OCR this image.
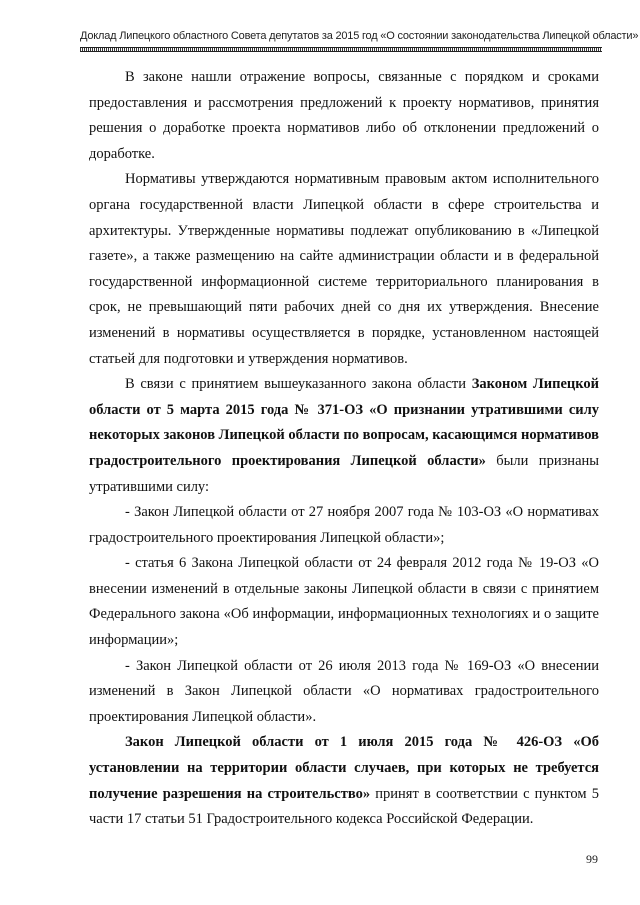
Доклад Липецкого областного Совета депутатов за 2015 год «О состоянии законодательства Липецкой области»

В законе нашли отражение вопросы, связанные с порядком и сроками предоставления и рассмотрения предложений к проекту нормативов, принятия решения о доработке проекта нормативов либо об отклонении предложений о доработке.

Нормативы утверждаются нормативным правовым актом исполнительного органа государственной власти Липецкой области в сфере строительства и архитектуры. Утвержденные нормативы подлежат опубликованию в «Липецкой газете», а также размещению на сайте администрации области и в федеральной государственной информационной системе территориального планирования в срок, не превышающий пяти рабочих дней со дня их утверждения. Внесение изменений в нормативы осуществляется в порядке, установленном настоящей статьей для подготовки и утверждения нормативов.

В связи с принятием вышеуказанного закона области Законом Липецкой области от 5 марта 2015 года № 371-ОЗ «О признании утратившими силу некоторых законов Липецкой области по вопросам, касающимся нормативов градостроительного проектирования Липецкой области» были признаны утратившими силу:

- Закон Липецкой области от 27 ноября 2007 года № 103-ОЗ «О нормативах градостроительного проектирования Липецкой области»;

- статья 6 Закона Липецкой области от 24 февраля 2012 года № 19-ОЗ «О внесении изменений в отдельные законы Липецкой области в связи с принятием Федерального закона «Об информации, информационных технологиях и о защите информации»;

- Закон Липецкой области от 26 июля 2013 года № 169-ОЗ «О внесении изменений в Закон Липецкой области «О нормативах градостроительного проектирования Липецкой области».

Закон Липецкой области от 1 июля 2015 года № 426-ОЗ «Об установлении на территории области случаев, при которых не требуется получение разрешения на строительство» принят в соответствии с пунктом 5 части 17 статьи 51 Градостроительного кодекса Российской Федерации.

99
